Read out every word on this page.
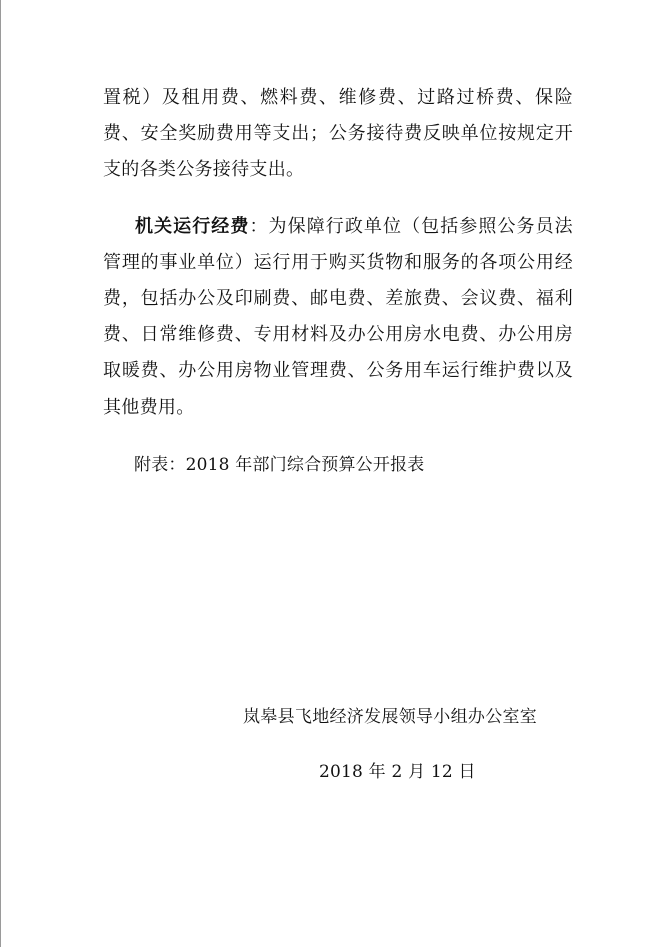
置税）及租用费、燃料费、维修费、过路过桥费、保险费、安全奖励费用等支出；公务接待费反映单位按规定开支的各类公务接待支出。

机关运行经费：为保障行政单位（包括参照公务员法管理的事业单位）运行用于购买货物和服务的各项公用经费，包括办公及印刷费、邮电费、差旅费、会议费、福利费、日常维修费、专用材料及办公用房水电费、办公用房取暖费、办公用房物业管理费、公务用车运行维护费以及其他费用。

附表：2018 年部门综合预算公开报表
岚皋县飞地经济发展领导小组办公室室
2018 年 2 月 12 日
